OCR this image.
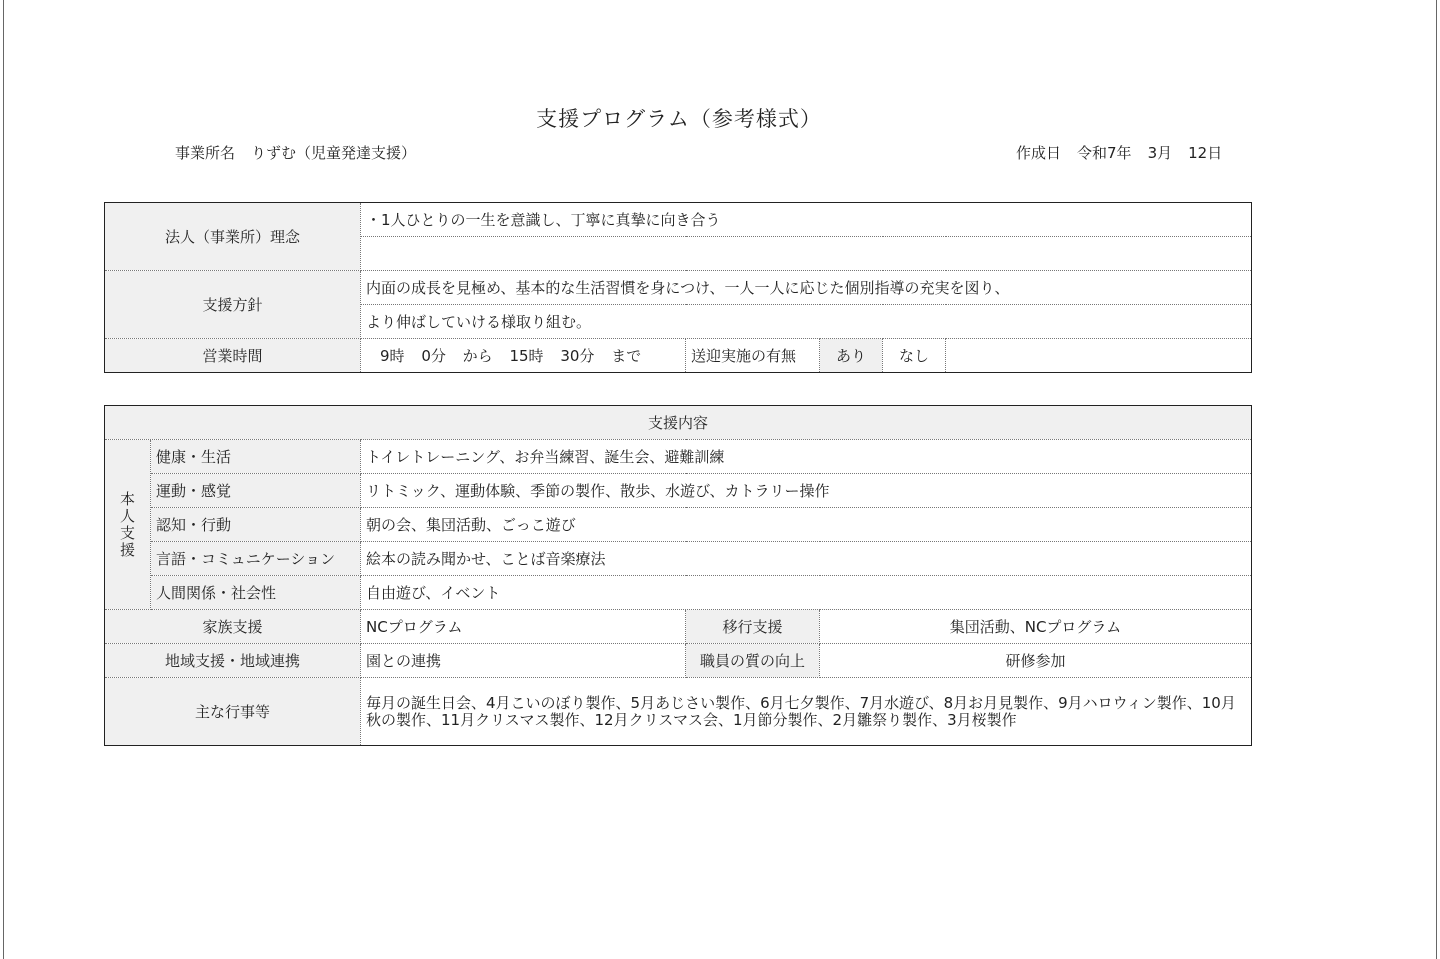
支援プログラム（参考様式）
事業所名 りずむ（児童発達支援）	作成日 令和7年 3月 12日
法人（事業所）理念	・1人ひとりの一生を意識し、丁寧に真摯に向き合う				

支援方針	内面の成長を見極め、基本的な生活習慣を身につけ、一人一人に応じた個別指導の充実を図り、				
	より伸ばしていける様取り組む。				
営業時間	9時 0分 から 15時 30分 まで	送迎実施の有無	あり	なし	
支援内容				

本人支援	健康・生活	トイレトレーニング、お弁当練習、誕生会、避難訓練		
	運動・感覚	リトミック、運動体験、季節の製作、散歩、水遊び、カトラリー操作		
	認知・行動	朝の会、集団活動、ごっこ遊び		
	言語・コミュニケーション	絵本の読み聞かせ、ことば音楽療法		
	人間関係・社会性	自由遊び、イベント		
家族支援		NCプログラム	移行支援	集団活動、NCプログラム
地域支援・地域連携		園との連携	職員の質の向上	研修参加
主な行事等		毎月の誕生日会、4月こいのぼり製作、5月あじさい製作、6月七夕製作、7月水遊び、8月お月見製作、9月ハロウィン製作、10月秋の製作、11月クリスマス製作、12月クリスマス会、1月節分製作、2月雛祭り製作、3月桜製作		
